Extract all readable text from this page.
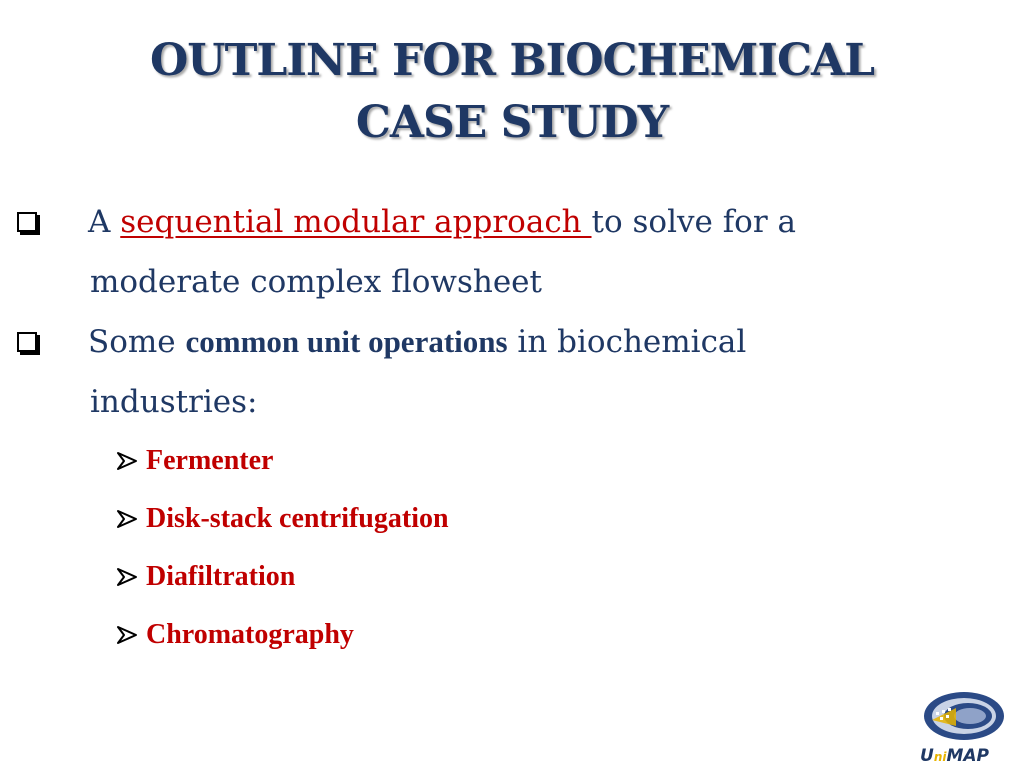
OUTLINE FOR BIOCHEMICAL
CASE STUDY
A sequential modular approach to solve for a
moderate complex flowsheet
Some common unit operations in biochemical
industries:
Fermenter
Disk-stack centrifugation
Diafiltration
Chromatography
UniMAP
